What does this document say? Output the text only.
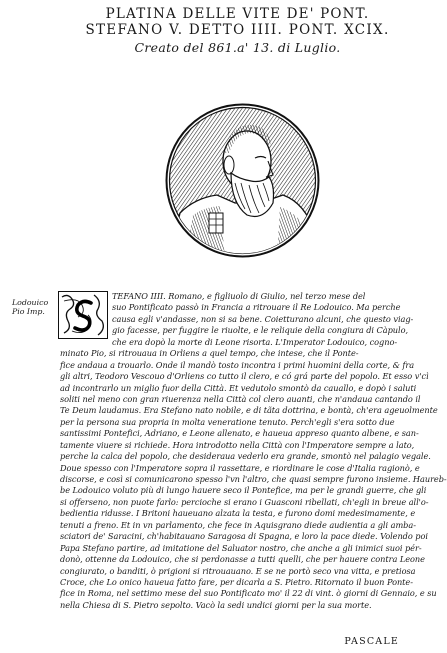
PLATINA DELLE VITE DE' PONT.
STEFANO V. DETTO IIII. PONT. XCIX.
Creato del 861.a' 13. di Luglio.
Lodouico
Pio Imp.
TEFANO IIII. Romano, e figliuolo di Giulio, nel terzo mese del
suo Pontificato passò in Francia a ritrouare il Re Lodouico. Ma perche
causa egli v'andasse, non si sa bene. Coietturano alcuni, che questo viag-
gio facesse, per fuggire le riuolte, e le reliquie della congiura di Càpulo,
che era dopò la morte di Leone risorta. L'Imperator Lodouico, cogno-
minato Pio, si ritrouaua in Orliens a quel tempo, che intese, che il Ponte-
fice andaua a trouarlo. Onde il mandò tosto incontra i primi huomini della corte, & fra
gli altri, Teodoro Vescouo d'Orliens co tutto il clero, e có grá parte del popolo. Et esso v'cì
ad incontrarlo un miglio fuor della Città. Et vedutolo smontò da cauallo, e dopò i saluti
soliti nel meno con gran riuerenza nella Città col clero auanti, che n'andaua cantando il
Te Deum laudamus. Era Stefano nato nobile, e di tãta dottrina, e bontà, ch'era ageuolmente
per la persona sua propria in molta veneratione tenuto. Perch'egli s'era sotto due
santissimi Pontefici, Adriano, e Leone allenato, e haueua appreso quanto albene, e san-
tamente viuere si richiede. Hora introdotto nella Città con l'Imperatore sempre a lato,
perche la calca del popolo, che desideraua vederlo era grande, smontò nel palagio vegale.
Doue spesso con l'Imperatore sopra il rassettare, e riordinare le cose d'Italia ragionò, e
discorse, e così si comunicarono spesso l'vn l'altro, che quasi sempre furono insieme. Haureb-
be Lodouico voluto più di lungo hauere seco il Pontefice, ma per le grandi guerre, che gli
si offerseno, non puote farlo: percioche si erano i Guasconi ribellati, ch'egli in breue all'o-
bedientia ridusse. I Britoni haueuano alzata la testa, e furono domi medesimamente, e
tenuti a freno. Et in vn parlamento, che fece in Aquisgrano diede audientia a gli amba-
sciatori de' Saracini, ch'habitauano Saragosa di Spagna, e loro la pace diede. Volendo poi
Papa Stefano partire, ad imitatione del Saluator nostro, che anche a gli inimici suoi pér-
donò, ottenne da Lodouico, che si perdonasse a tutti quelli, che per hauere contra Leone
congiurato, o banditi, ò prigioni si ritrouauano. E se ne portò seco vna vitta, e pretiosa
Croce, che Lo onico haueua fatto fare, per dicarla a S. Pietro. Ritornato il buon Ponte-
fice in Roma, nel settimo mese del suo Pontificato mo' il 22 di vint. ò giorni di Gennaio, e su
nella Chiesa di S. Pietro sepolto. Vacò la sedi undici giorni per la sua morte.
PASCALE
